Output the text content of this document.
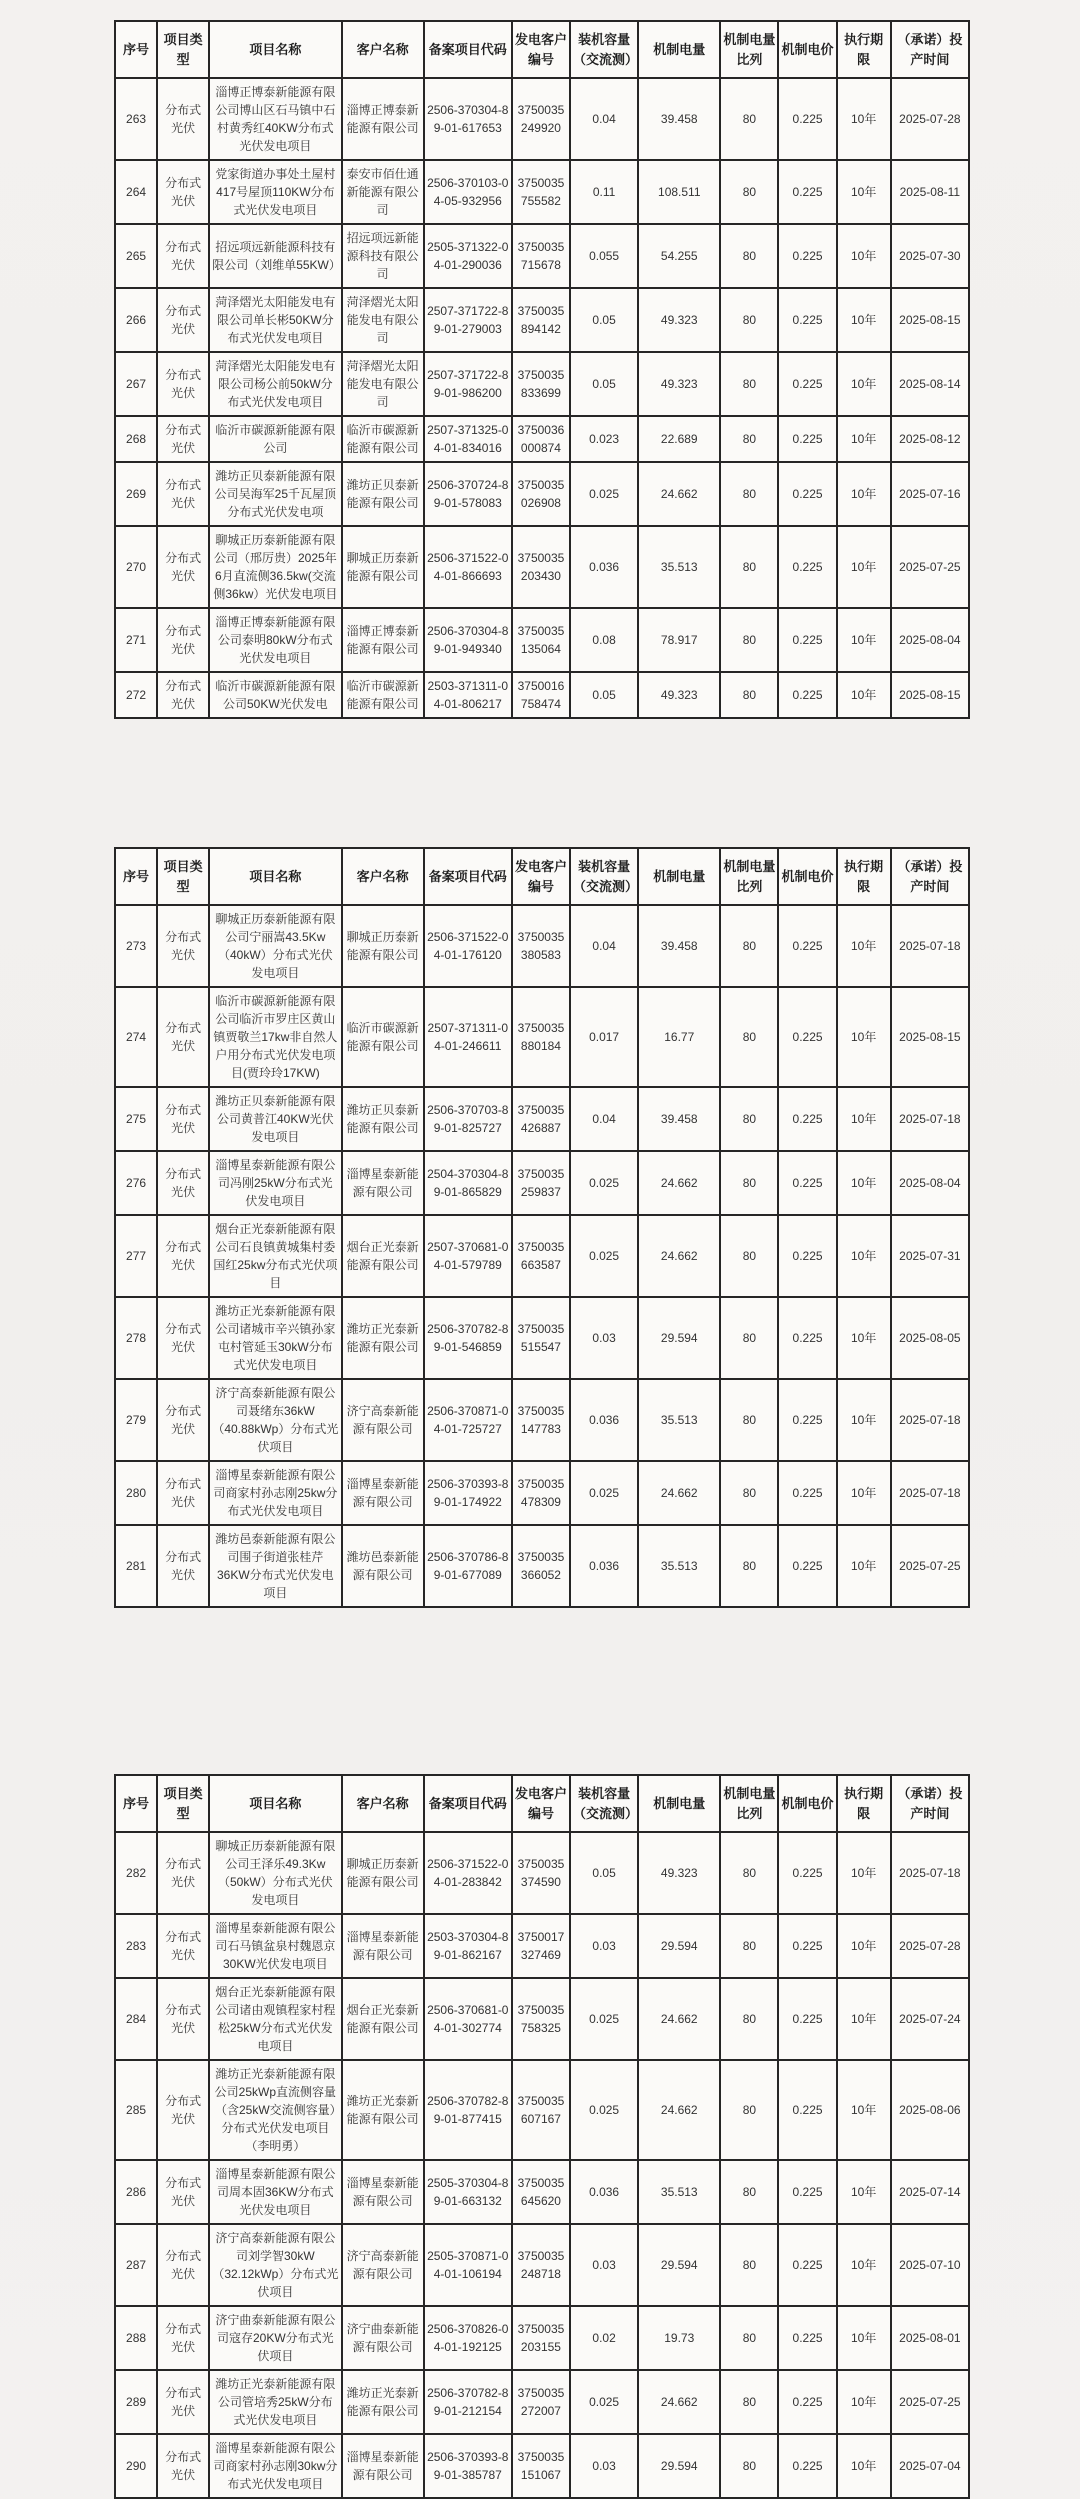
序号	项目类型	项目名称	客户名称	备案项目代码	发电客户编号	装机容量（交流测）	机制电量	机制电量比列	机制电价	执行期限	（承诺）投产时间
263	分布式光伏	淄博正博泰新能源有限公司博山区石马镇中石村黄秀红40KW分布式光伏发电项目	淄博正博泰新能源有限公司	2506-370304-89-01-617653	3750035249920	0.04	39.458	80	0.225	10年	2025-07-28
264	分布式光伏	党家街道办事处土屋村417号屋顶110KW分布式光伏发电项目	泰安市佰仕通新能源有限公司	2506-370103-04-05-932956	3750035755582	0.11	108.511	80	0.225	10年	2025-08-11
265	分布式光伏	招远项远新能源科技有限公司（刘维单55KW）	招远项远新能源科技有限公司	2505-371322-04-01-290036	3750035715678	0.055	54.255	80	0.225	10年	2025-07-30
266	分布式光伏	菏泽熠光太阳能发电有限公司单长彬50KW分布式光伏发电项目	菏泽熠光太阳能发电有限公司	2507-371722-89-01-279003	3750035894142	0.05	49.323	80	0.225	10年	2025-08-15
267	分布式光伏	菏泽熠光太阳能发电有限公司杨公前50kW分布式光伏发电项目	菏泽熠光太阳能发电有限公司	2507-371722-89-01-986200	3750035833699	0.05	49.323	80	0.225	10年	2025-08-14
268	分布式光伏	临沂市碳源新能源有限公司	临沂市碳源新能源有限公司	2507-371325-04-01-834016	3750036000874	0.023	22.689	80	0.225	10年	2025-08-12
269	分布式光伏	潍坊正贝泰新能源有限公司吴海军25千瓦屋顶分布式光伏发电项	潍坊正贝泰新能源有限公司	2506-370724-89-01-578083	3750035026908	0.025	24.662	80	0.225	10年	2025-07-16
270	分布式光伏	聊城正历泰新能源有限公司（邢厉贵）2025年6月直流侧36.5kw(交流侧36kw）光伏发电项目	聊城正历泰新能源有限公司	2506-371522-04-01-866693	3750035203430	0.036	35.513	80	0.225	10年	2025-07-25
271	分布式光伏	淄博正博泰新能源有限公司泰明80kW分布式光伏发电项目	淄博正博泰新能源有限公司	2506-370304-89-01-949340	3750035135064	0.08	78.917	80	0.225	10年	2025-08-04
272	分布式光伏	临沂市碳源新能源有限公司50KW光伏发电	临沂市碳源新能源有限公司	2503-371311-04-01-806217	3750016758474	0.05	49.323	80	0.225	10年	2025-08-15
序号	项目类型	项目名称	客户名称	备案项目代码	发电客户编号	装机容量（交流测）	机制电量	机制电量比列	机制电价	执行期限	（承诺）投产时间
273	分布式光伏	聊城正历泰新能源有限公司宁丽嵩43.5Kw（40kW）分布式光伏发电项目	聊城正历泰新能源有限公司	2506-371522-04-01-176120	3750035380583	0.04	39.458	80	0.225	10年	2025-07-18
274	分布式光伏	临沂市碳源新能源有限公司临沂市罗庄区黄山镇贾敬兰17kw非自然人户用分布式光伏发电项目(贾玲玲17KW)	临沂市碳源新能源有限公司	2507-371311-04-01-246611	3750035880184	0.017	16.77	80	0.225	10年	2025-08-15
275	分布式光伏	潍坊正贝泰新能源有限公司黄普江40KW光伏发电项目	潍坊正贝泰新能源有限公司	2506-370703-89-01-825727	3750035426887	0.04	39.458	80	0.225	10年	2025-07-18
276	分布式光伏	淄博星泰新能源有限公司冯刚25kW分布式光伏发电项目	淄博星泰新能源有限公司	2504-370304-89-01-865829	3750035259837	0.025	24.662	80	0.225	10年	2025-08-04
277	分布式光伏	烟台正光泰新能源有限公司石良镇黄城集村委国红25kw分布式光伏项目	烟台正光泰新能源有限公司	2507-370681-04-01-579789	3750035663587	0.025	24.662	80	0.225	10年	2025-07-31
278	分布式光伏	潍坊正光泰新能源有限公司诸城市辛兴镇孙家屯村管延玉30kW分布式光伏发电项目	潍坊正光泰新能源有限公司	2506-370782-89-01-546859	3750035515547	0.03	29.594	80	0.225	10年	2025-08-05
279	分布式光伏	济宁高泰新能源有限公司聂绪东36kW（40.88kWp）分布式光伏项目	济宁高泰新能源有限公司	2506-370871-04-01-725727	3750035147783	0.036	35.513	80	0.225	10年	2025-07-18
280	分布式光伏	淄博星泰新能源有限公司商家村孙志刚25kw分布式光伏发电项目	淄博星泰新能源有限公司	2506-370393-89-01-174922	3750035478309	0.025	24.662	80	0.225	10年	2025-07-18
281	分布式光伏	潍坊邑泰新能源有限公司围子街道张桂芹36KW分布式光伏发电项目	潍坊邑泰新能源有限公司	2506-370786-89-01-677089	3750035366052	0.036	35.513	80	0.225	10年	2025-07-25
序号	项目类型	项目名称	客户名称	备案项目代码	发电客户编号	装机容量（交流测）	机制电量	机制电量比列	机制电价	执行期限	（承诺）投产时间
282	分布式光伏	聊城正历泰新能源有限公司王泽乐49.3Kw（50kW）分布式光伏发电项目	聊城正历泰新能源有限公司	2506-371522-04-01-283842	3750035374590	0.05	49.323	80	0.225	10年	2025-07-18
283	分布式光伏	淄博星泰新能源有限公司石马镇盆泉村魏恩京30KW光伏发电项目	淄博星泰新能源有限公司	2503-370304-89-01-862167	3750017327469	0.03	29.594	80	0.225	10年	2025-07-28
284	分布式光伏	烟台正光泰新能源有限公司诸由观镇程家村程松25kW分布式光伏发电项目	烟台正光泰新能源有限公司	2506-370681-04-01-302774	3750035758325	0.025	24.662	80	0.225	10年	2025-07-24
285	分布式光伏	潍坊正光泰新能源有限公司25kWp直流侧容量（含25kW交流侧容量）分布式光伏发电项目（李明勇）	潍坊正光泰新能源有限公司	2506-370782-89-01-877415	3750035607167	0.025	24.662	80	0.225	10年	2025-08-06
286	分布式光伏	淄博星泰新能源有限公司周本固36KW分布式光伏发电项目	淄博星泰新能源有限公司	2505-370304-89-01-663132	3750035645620	0.036	35.513	80	0.225	10年	2025-07-14
287	分布式光伏	济宁高泰新能源有限公司刘学智30kW（32.12kWp）分布式光伏项目	济宁高泰新能源有限公司	2505-370871-04-01-106194	3750035248718	0.03	29.594	80	0.225	10年	2025-07-10
288	分布式光伏	济宁曲泰新能源有限公司寇存20KW分布式光伏项目	济宁曲泰新能源有限公司	2506-370826-04-01-192125	3750035203155	0.02	19.73	80	0.225	10年	2025-08-01
289	分布式光伏	潍坊正光泰新能源有限公司管培秀25kW分布式光伏发电项目	潍坊正光泰新能源有限公司	2506-370782-89-01-212154	3750035272007	0.025	24.662	80	0.225	10年	2025-07-25
290	分布式光伏	淄博星泰新能源有限公司商家村孙志刚30kw分布式光伏发电项目	淄博星泰新能源有限公司	2506-370393-89-01-385787	3750035151067	0.03	29.594	80	0.225	10年	2025-07-04
